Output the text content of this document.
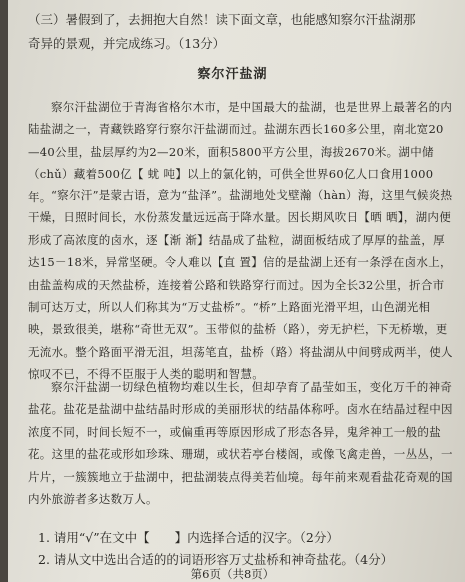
（三）暑假到了，去拥抱大自然！读下面文章，也能感知察尔汗盐湖那
奇异的景观，并完成练习。（13分）

察尔汗盐湖

察尔汗盐湖位于青海省格尔木市，是中国最大的盐湖，也是世界上最著名的内陆盐湖之一，青藏铁路穿行察尔汗盐湖而过。盐湖东西长160多公里，南北宽20—40公里，盐层厚约为2—20米，面积5800平方公里，海拔2670米。湖中储（chǔ）藏着500亿【 蚘 吨】以上的氯化钠，可供全世界60亿人口食用1000年。 “察尔汗”是蒙古语，意为“盐泽”。盐湖地处戈壁瀚（hàn）海，这里气候炎热干燥，日照时间长，水份蒸发量远远高于降水量。因长期风吹日【晒 晒】，湖内便形成了高浓度的卤水，逐【渐 渐】结晶成了盐粒，湖面板结成了厚厚的盐盖，厚达15－18米，异常坚硬。令人难以【直 置】信的是盐湖上还有一条浮在卤水上，由盐盖构成的天然盐桥，连接着公路和铁路穿行而过。因为全长32公里，折合市制可达万丈，所以人们称其为“万丈盐桥”。“桥”上路面光滑平坦，山色湖光相映，景致很美，堪称“奇世无双”。玉带似的盐桥（路），旁无护栏，下无桥墩，更无流水。整个路面平滑无沮，坦荡笔直，盐桥（路）将盐湖从中间劈成两半，使人惊叹不已，不得不臣服于人类的聪明和智慧。

察尔汗盐湖一切绿色植物均难以生长，但却孕育了晶莹如玉，变化万千的神奇盐花。盐花是盐湖中盐结晶时形成的美丽形状的结晶体称呼。卤水在结晶过程中因浓度不同，时间长短不一，或偏重再等原因形成了形态各异，鬼斧神工一般的盐花。这里的盐花或形如珍珠、珊瑚，或状若亭台楼阁，或像飞禽走兽，一丛丛，一片片，一簇簇地立于盐湖中，把盐湖装点得美若仙境。每年前来观看盐花奇观的国内外旅游者多达数万人。

1. 请用“√”在文中【　　】内选择合适的汉字。（2分）
2. 请从文中选出合适的的词语形容万丈盐桥和神奇盐花。（4分）
第6页（共8页）
